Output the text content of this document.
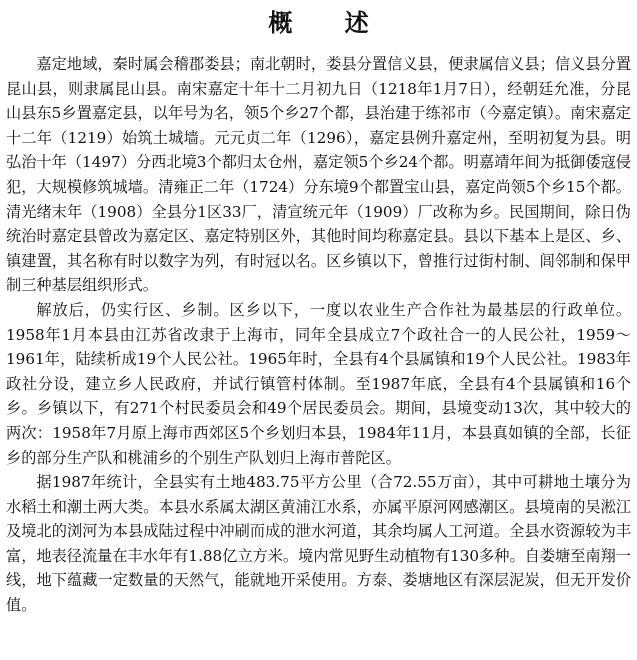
概 述

嘉定地域，秦时属会稽郡娄县；南北朝时，娄县分置信义县，便隶属信义县；信义县分置昆山县，则隶属昆山县。南宋嘉定十年十二月初九日（1218年1月7日），经朝廷允准，分昆山县东5乡置嘉定县，以年号为名，领5个乡27个都，县治建于练祁市（今嘉定镇）。南宋嘉定十二年（1219）始筑土城墙。元元贞二年（1296），嘉定县例升嘉定州，至明初复为县。明弘治十年（1497）分西北境3个都归太仓州，嘉定领5个乡24个都。明嘉靖年间为抵御倭寇侵犯，大规模修筑城墙。清雍正二年（1724）分东境9个都置宝山县，嘉定尚领5个乡15个都。清光绪末年（1908）全县分1区33厂，清宣统元年（1909）厂改称为乡。民国期间，除日伪统治时嘉定县曾改为嘉定区、嘉定特别区外，其他时间均称嘉定县。县以下基本上是区、乡、镇建置，其名称有时以数字为列，有时冠以名。区乡镇以下，曾推行过街村制、闾邻制和保甲制三种基层组织形式。

解放后，仍实行区、乡制。区乡以下，一度以农业生产合作社为最基层的行政单位。1958年1月本县由江苏省改隶于上海市，同年全县成立7个政社合一的人民公社，1959～1961年，陆续析成19个人民公社。1965年时，全县有4个县属镇和19个人民公社。1983年政社分设，建立乡人民政府，并试行镇管村体制。至1987年底，全县有4个县属镇和16个乡。乡镇以下，有271个村民委员会和49个居民委员会。期间，县境变动13次，其中较大的两次：1958年7月原上海市西郊区5个乡划归本县，1984年11月，本县真如镇的全部，长征乡的部分生产队和桃浦乡的个别生产队划归上海市普陀区。

据1987年统计，全县实有土地483.75平方公里（合72.55万亩），其中可耕地土壤分为水稻土和潮土两大类。本县水系属太湖区黄浦江水系，亦属平原河网感潮区。县境南的吴淞江及境北的浏河为本县成陆过程中冲刷而成的泄水河道，其余均属人工河道。全县水资源较为丰富，地表径流量在丰水年有1.88亿立方米。境内常见野生动植物有130多种。自娄塘至南翔一线，地下蕴藏一定数量的天然气，能就地开采使用。方泰、娄塘地区有深层泥炭，但无开发价值。
